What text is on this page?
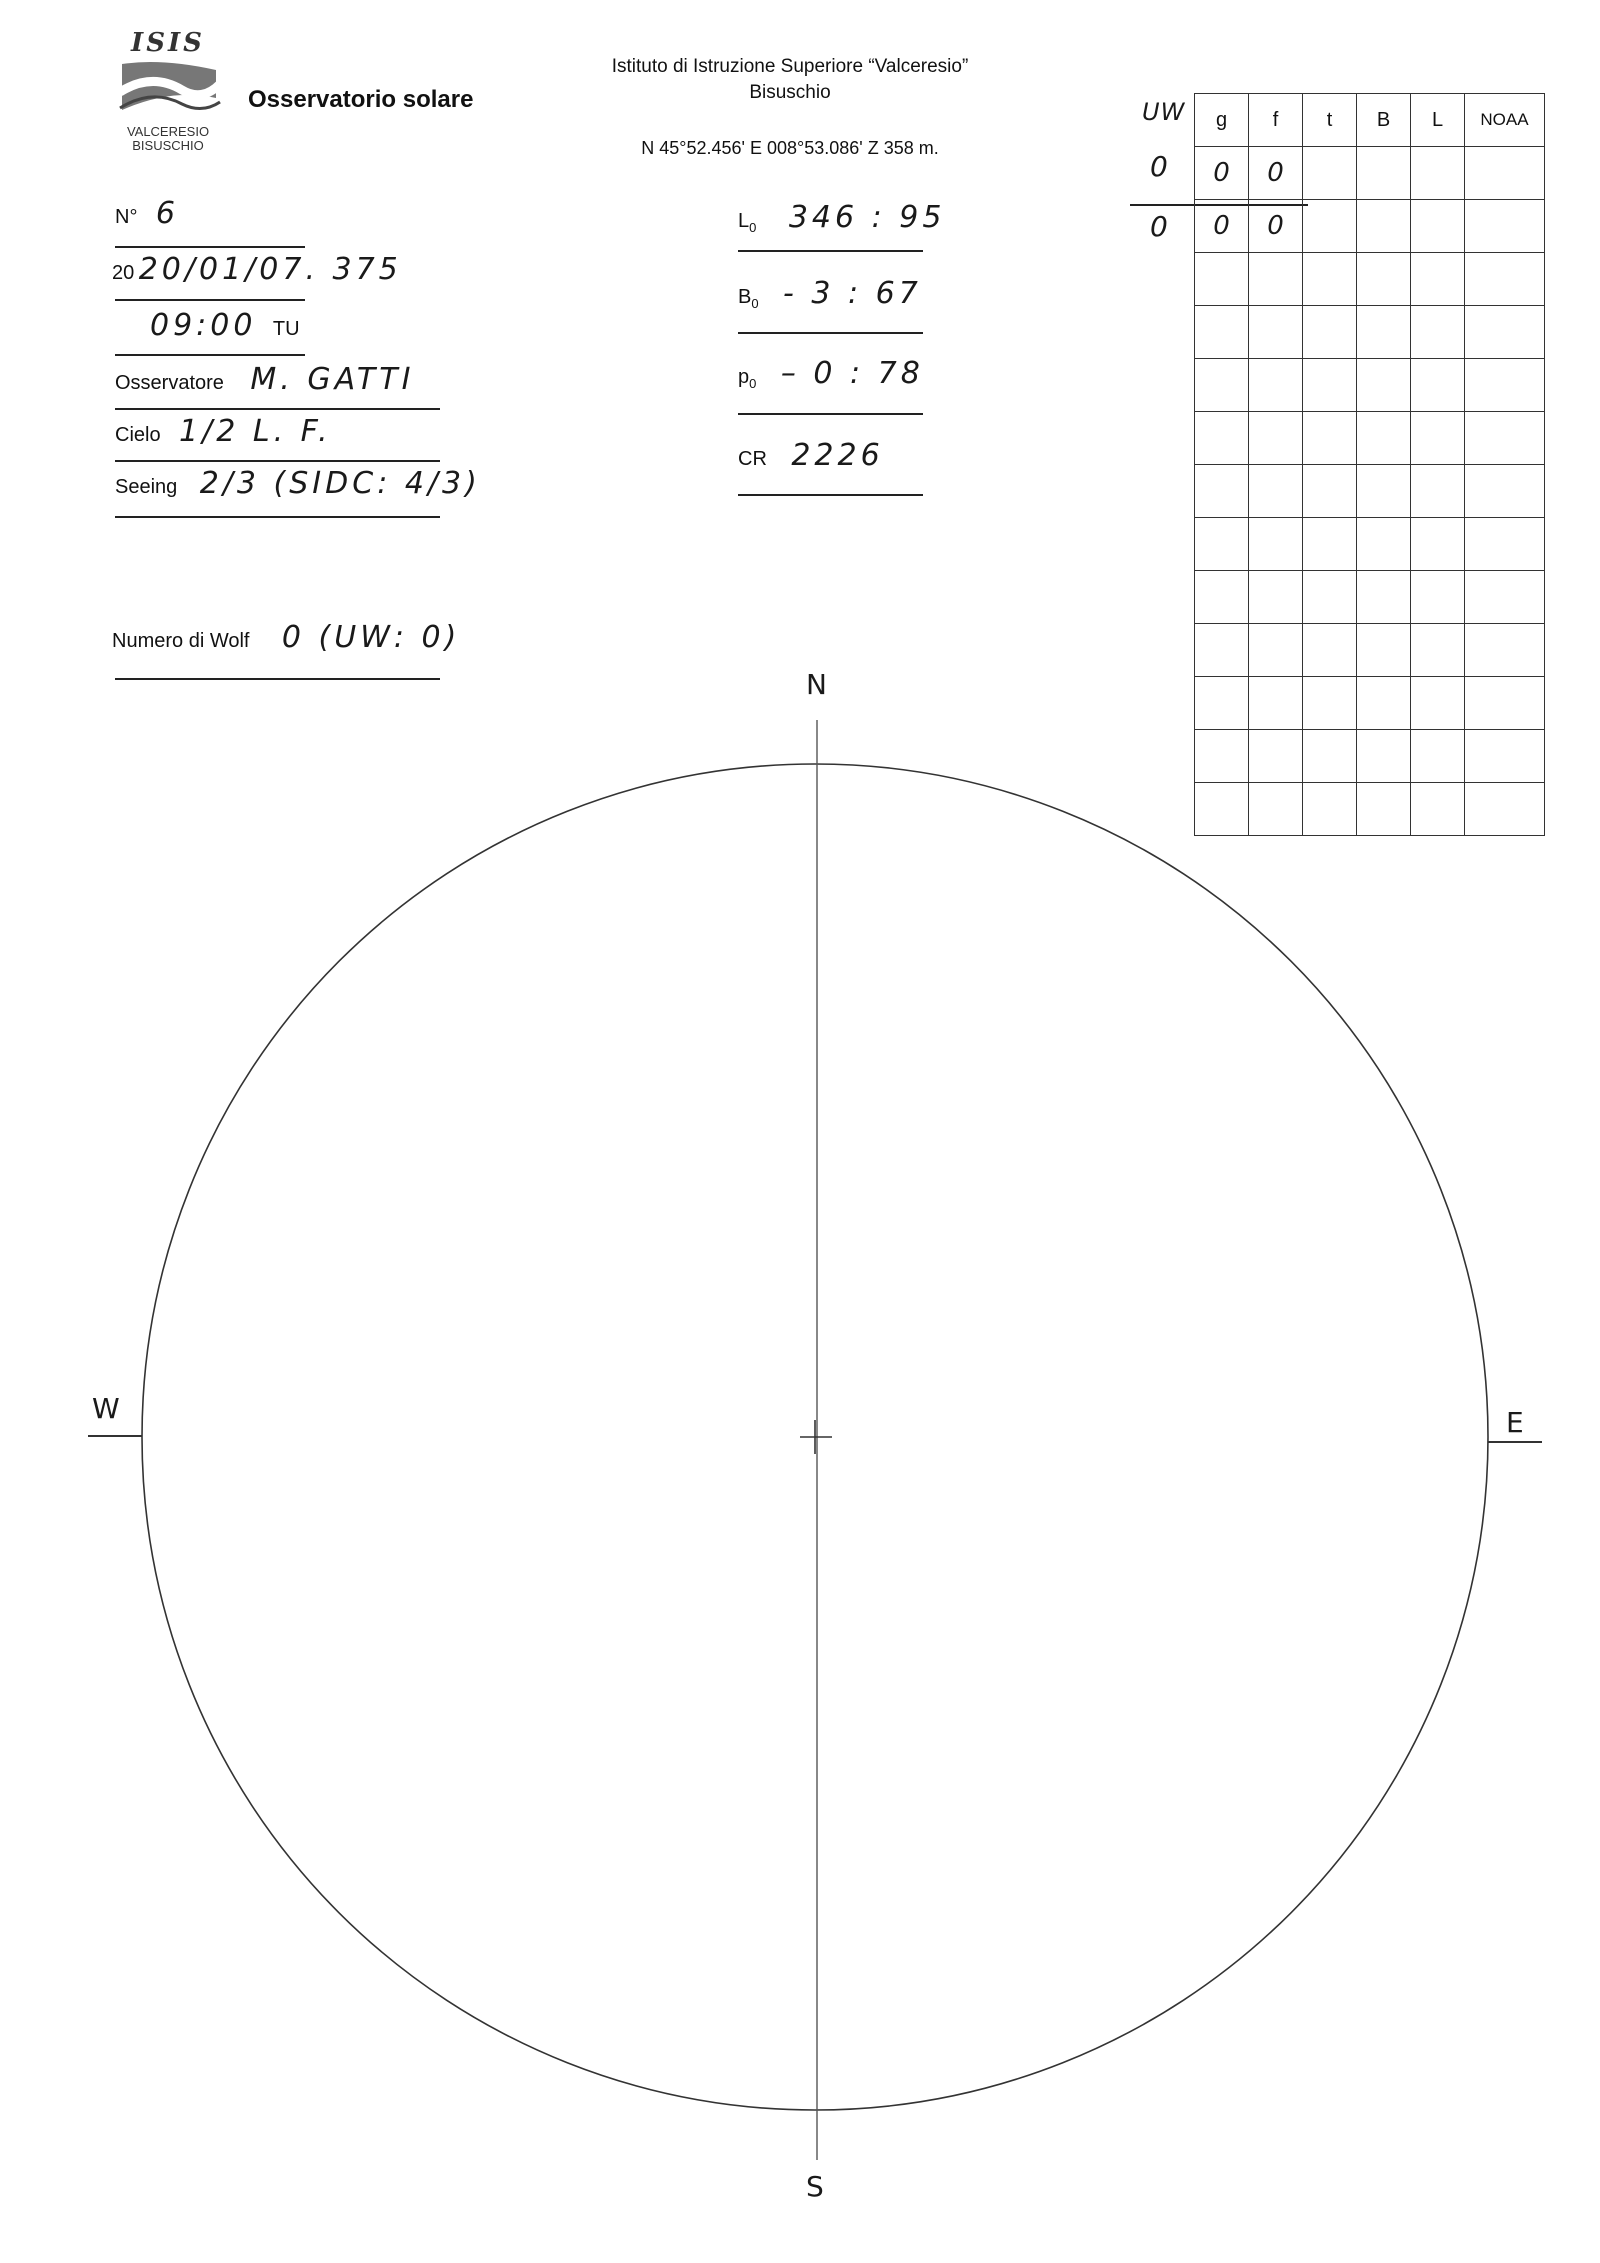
ISIS
VALCERESIO
BISUSCHIO
Osservatorio solare
Istituto di Istruzione Superiore “Valceresio”
Bisuschio
N 45°52.456' E 008°53.086' Z 358 m.
N° 6
20 20/01/07. 375
09:00 TU
Osservatore M. GATTI
Cielo 1/2 L. F.
Seeing 2/3 (SIDC: 4/3)
Numero di Wolf 0 (UW: 0)
$L_0$ 346 : 95
$B_0 - 3$ : 67
$p_0 - 0$ : 78
CR 2226
UW
0
0
g	f	t	B	L	NOAA
0	0				
0	0				

N
S
W	E
